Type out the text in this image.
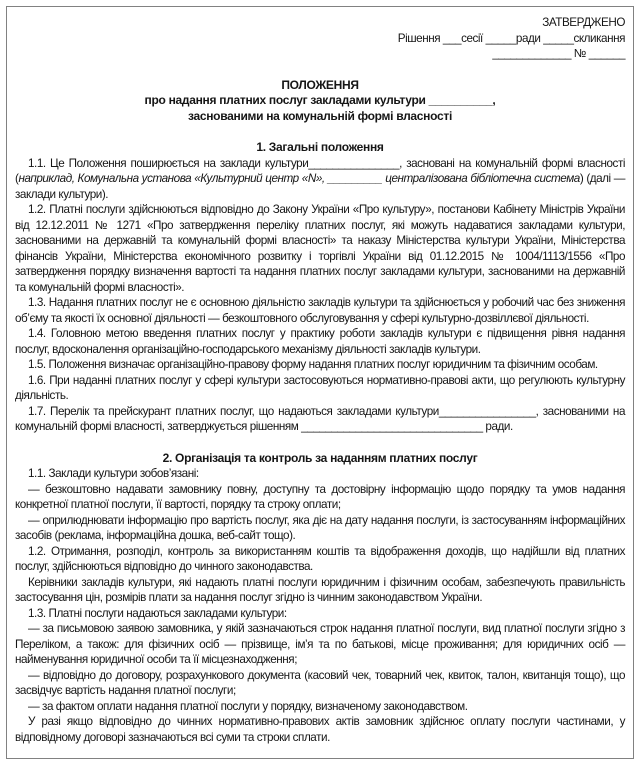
ЗАТВЕРДЖЕНО
Рішення ___сесії _____ради _____скликання
_____________ № ______
ПОЛОЖЕННЯ
про надання платних послуг закладами культури __________,
заснованими на комунальній формі власності
1. Загальні положення

1.1. Це Положення поширюється на заклади культури_______________, засновані на комунальній формі власності (наприклад, Комунальна установа «Культурний центр «N», _________ централізована бібліотечна система) (далі — заклади культури).

1.2. Платні послуги здійснюються відповідно до Закону України «Про культуру», постанови Кабінету Міністрів України від 12.12.2011 № 1271 «Про затвердження переліку платних послуг, які можуть надаватися закладами культури, заснованими на державній та комунальній формі власності» та наказу Міністерства культури України, Міністерства фінансів України, Міністерства економічного розвитку і торгівлі України від 01.12.2015 № 1004/1113/1556 «Про затвердження порядку визначення вартості та надання платних послуг закладами культури, заснованими на державній та комунальній формі власності».

1.3. Надання платних послуг не є основною діяльністю закладів культури та здійснюється у робочий час без зниження об’єму та якості їх основної діяльності — безкоштовного обслуговування у сфері культурно-дозвіллєвої діяльності.

1.4. Головною метою введення платних послуг у практику роботи закладів культури є підвищення рівня надання послуг, вдосконалення організаційно-господарського механізму діяльності закладів культури.

1.5. Положення визначає організаційно-правову форму надання платних послуг юридичним та фізичним особам.

1.6. При наданні платних послуг у сфері культури застосовуються нормативно-правові акти, що регулюють культурну діяльність.

1.7. Перелік та прейскурант платних послуг, що надаються закладами культури________________, заснованими на комунальній формі власності, затверджується рішенням ______________________________ ради.

2. Організація та контроль за наданням платних послуг

1.1. Заклади культури зобов’язані:

— безкоштовно надавати замовнику повну, доступну та достовірну інформацію щодо порядку та умов надання конкретної платної послуги, її вартості, порядку та строку оплати;

— оприлюднювати інформацію про вартість послуг, яка діє на дату надання послуги, із застосуванням інформаційних засобів (реклама, інформаційна дошка, веб-сайт тощо).

1.2. Отримання, розподіл, контроль за використанням коштів та відображення доходів, що надійшли від платних послуг, здійснюються відповідно до чинного законодавства.

Керівники закладів культури, які надають платні послуги юридичним і фізичним особам, забезпечують правильність застосування цін, розмірів плати за надання послуг згідно із чинним законодавством України.

1.3. Платні послуги надаються закладами культури:

— за письмовою заявою замовника, у якій зазначаються строк надання платної послуги, вид платної послуги згідно з Переліком, а також: для фізичних осіб — прізвище, ім’я та по батькові, місце проживання; для юридичних осіб — найменування юридичної особи та її місцезнаходження;

— відповідно до договору, розрахункового документа (касовий чек, товарний чек, квиток, талон, квитанція тощо), що засвідчує вартість надання платної послуги;

— за фактом оплати надання платної послуги у порядку, визначеному законодавством.

У разі якщо відповідно до чинних нормативно-правових актів замовник здійснює оплату послуги частинами, у відповідному договорі зазначаються всі суми та строки сплати.
